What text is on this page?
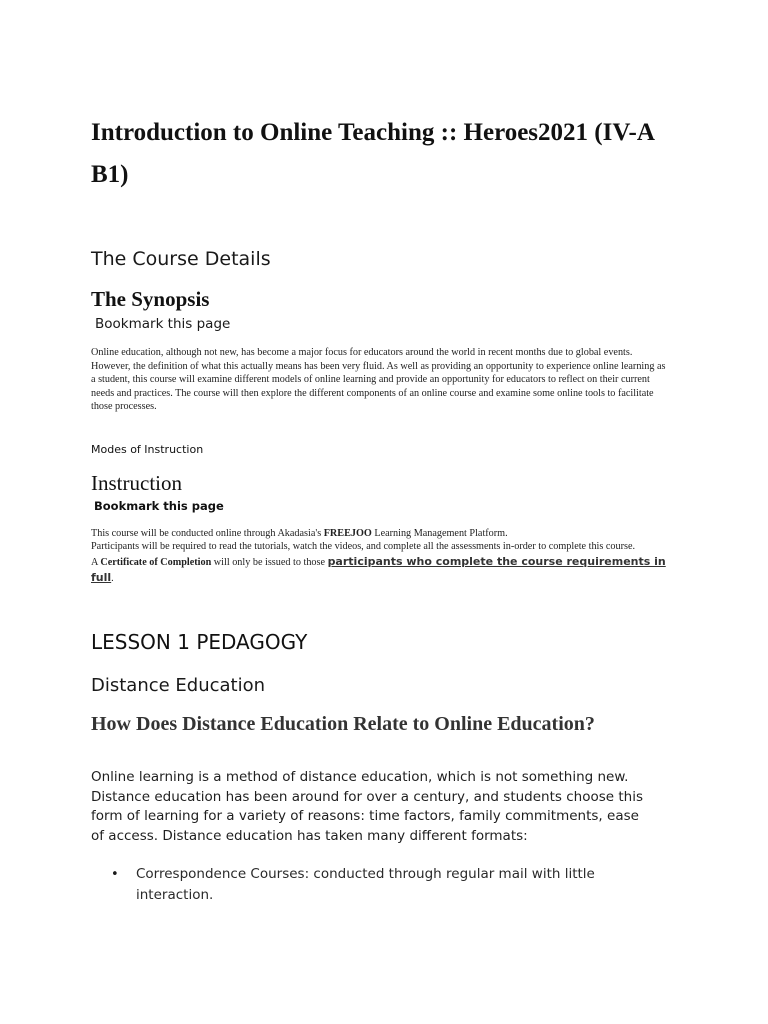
Introduction to Online Teaching :: Heroes2021 (IV-A B1)
The Course Details
The Synopsis
Bookmark this page

Online education, although not new, has become a major focus for educators around the world in recent months due to global events. However, the definition of what this actually means has been very fluid. As well as providing an opportunity to experience online learning as a student, this course will examine different models of online learning and provide an opportunity for educators to reflect on their current needs and practices. The course will then explore the different components of an online course and examine some online tools to facilitate those processes.

Modes of Instruction
Instruction
Bookmark this page

This course will be conducted online through Akadasia's FREEJOO Learning Management Platform.

Participants will be required to read the tutorials, watch the videos, and complete all the assessments in-order to complete this course.

A Certificate of Completion will only be issued to those participants who complete the course requirements in full.

LESSON 1 PEDAGOGY
Distance Education
How Does Distance Education Relate to Online Education?

Online learning is a method of distance education, which is not something new. Distance education has been around for over a century, and students choose this form of learning for a variety of reasons: time factors, family commitments, ease of access. Distance education has taken many different formats:

• Correspondence Courses: conducted through regular mail with little interaction.
